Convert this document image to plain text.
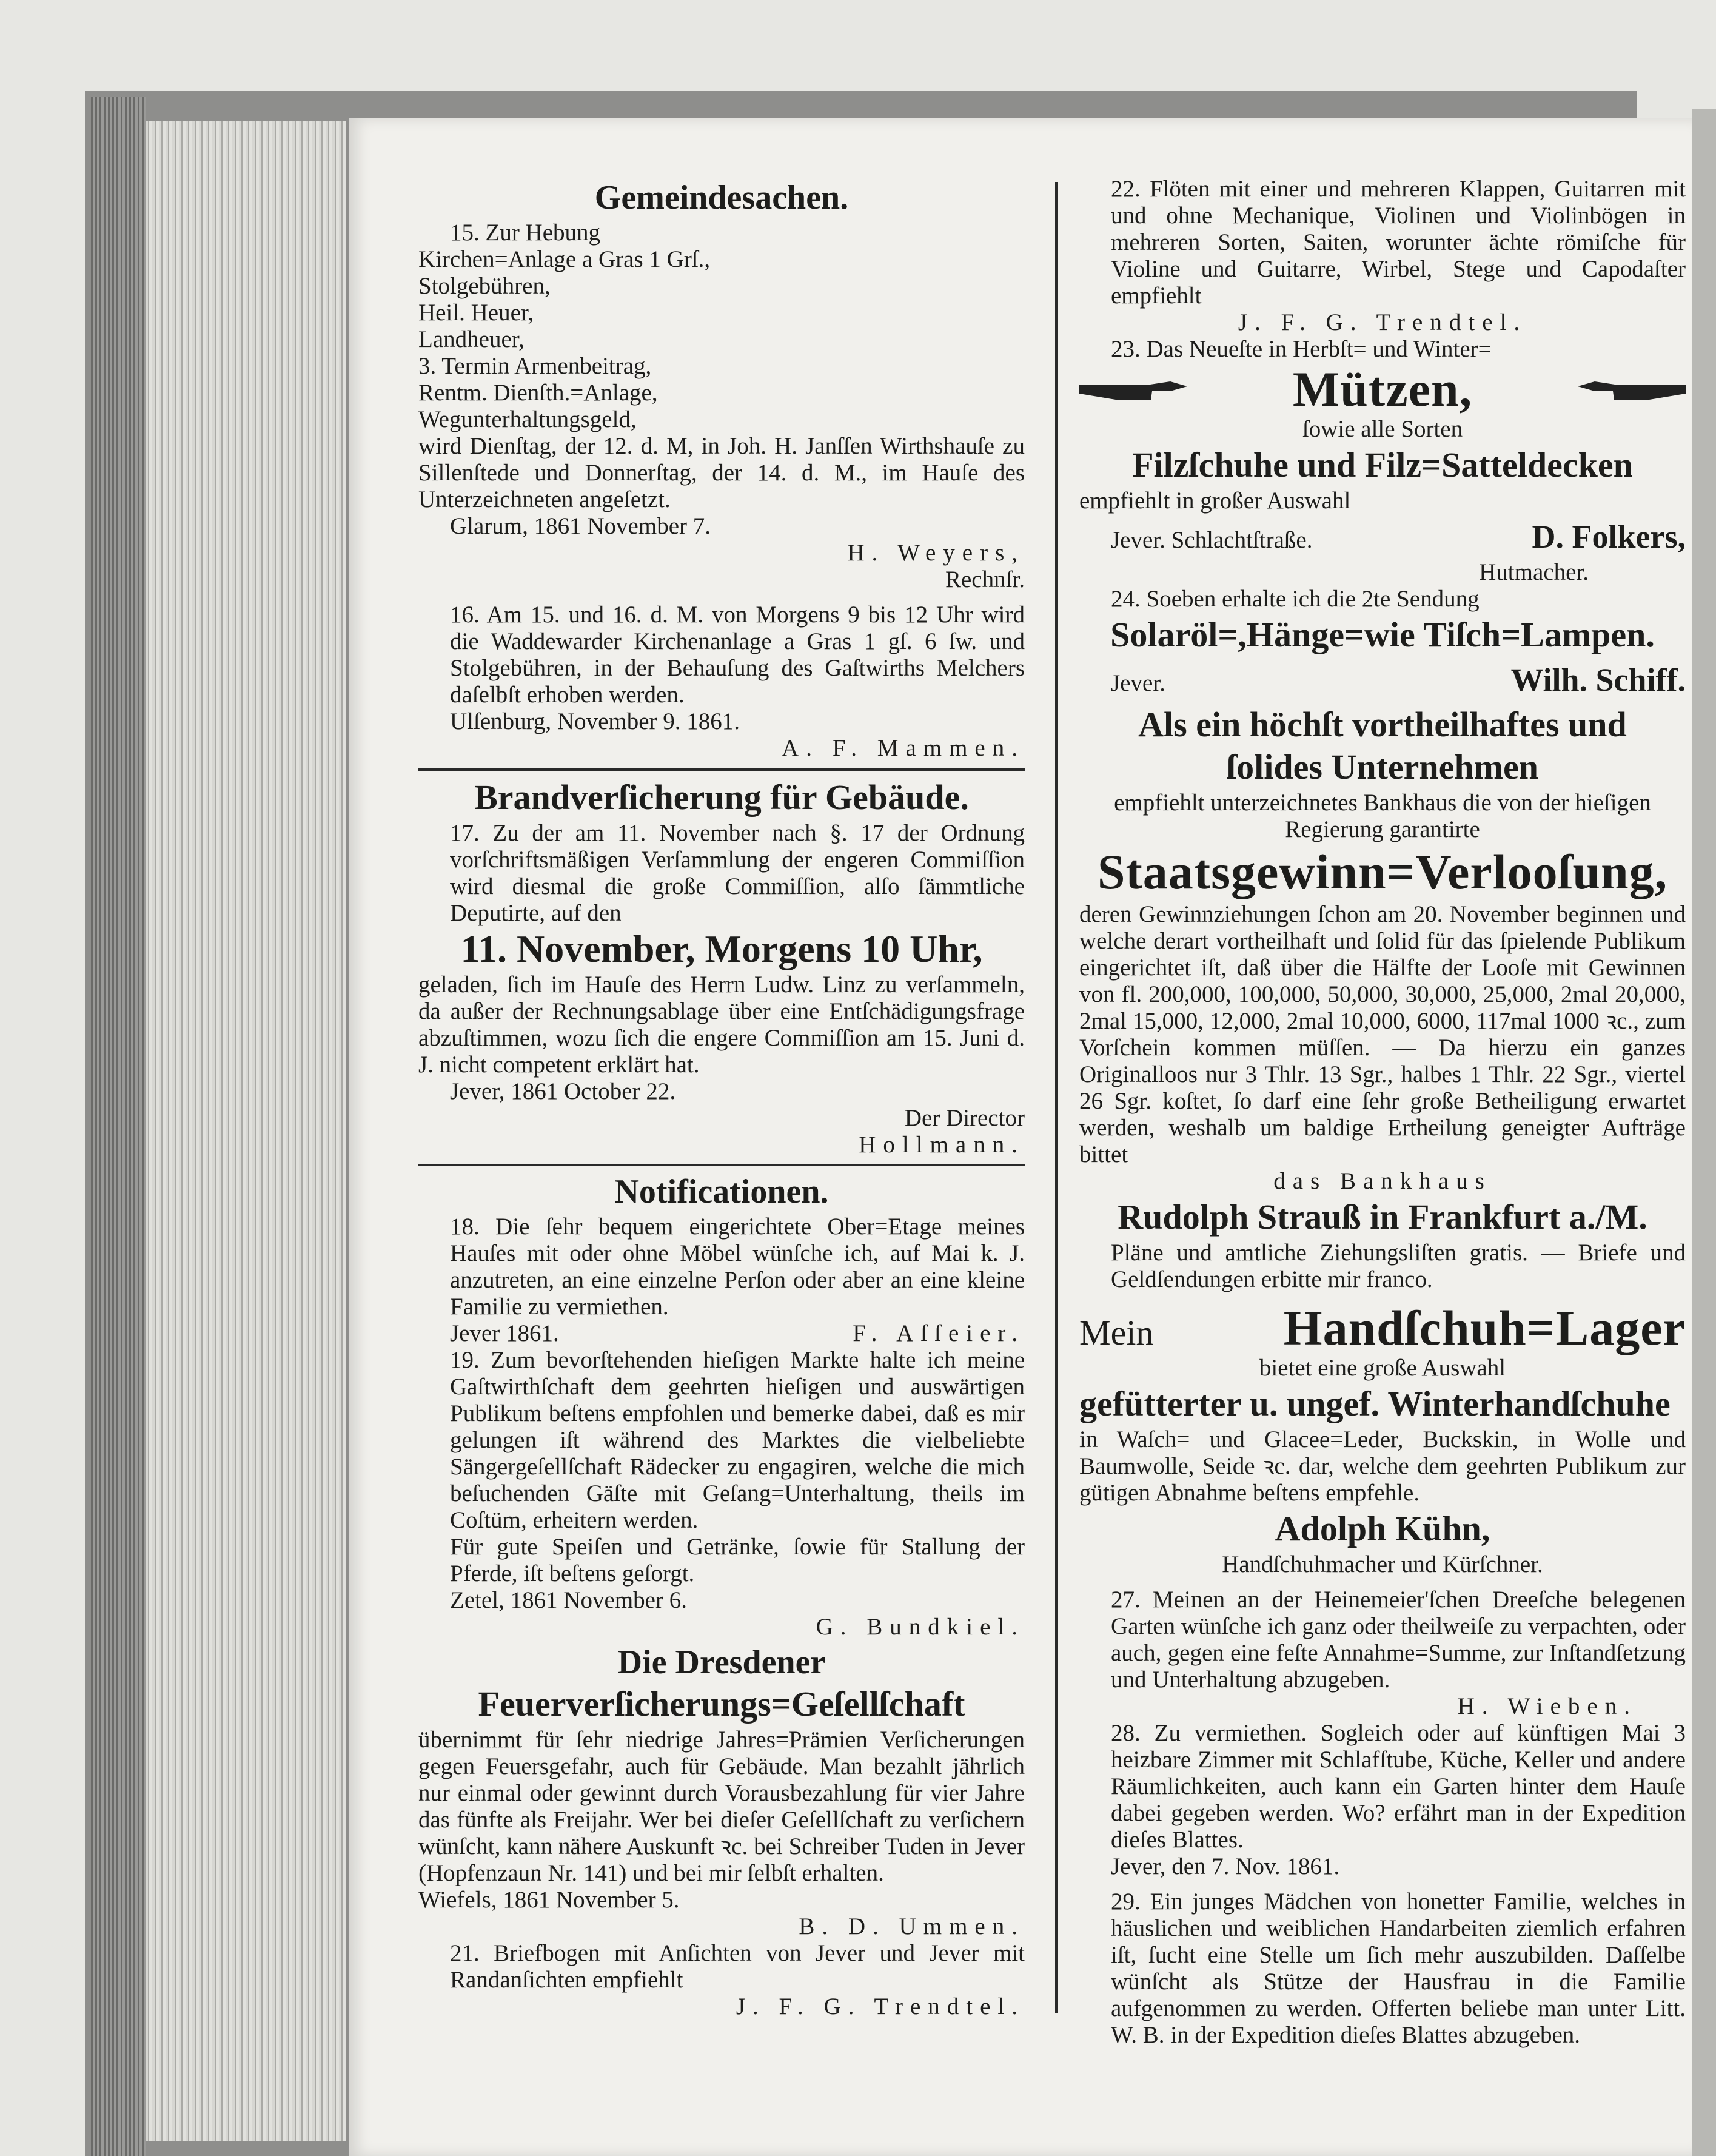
Gemeindesachen.
15. Zur Hebung
Kirchen=Anlage a Gras 1 Grſ.,
Stolgebühren,
Heil. Heuer,
Landheuer,
3. Termin Armenbeitrag,
Rentm. Dienſth.=Anlage,
Wegunterhaltungsgeld,

wird Dienſtag, der 12. d. M, in Joh. H. Janſſen Wirthshauſe zu Sillenſtede und Donnerſtag, der 14. d. M., im Hauſe des Unterzeichneten angeſetzt.

Glarum, 1861 November 7.
H. Weyers,
Rechnſr.

16. Am 15. und 16. d. M. von Morgens 9 bis 12 Uhr wird die Waddewarder Kirchenanlage a Gras 1 gſ. 6 ſw. und Stolgebühren, in der Behauſung des Gaſtwirths Melchers daſelbſt erhoben werden.

Ulſenburg, November 9. 1861.
A. F. Mammen.
Brandverſicherung für Gebäude.

17. Zu der am 11. November nach §. 17 der Ordnung vorſchriftsmäßigen Verſammlung der engeren Commiſſion wird diesmal die große Commiſſion, alſo ſämmtliche Deputirte, auf den

11. November, Morgens 10 Uhr,

geladen, ſich im Hauſe des Herrn Ludw. Linz zu verſammeln, da außer der Rechnungsablage über eine Entſchädigungsfrage abzuſtimmen, wozu ſich die engere Commiſſion am 15. Juni d. J. nicht competent erklärt hat.

Jever, 1861 October 22.
Der Director
Hollmann.
Notificationen.

18. Die ſehr bequem eingerichtete Ober=Etage meines Hauſes mit oder ohne Möbel wünſche ich, auf Mai k. J. anzutreten, an eine einzelne Perſon oder aber an eine kleine Familie zu vermiethen.

Jever 1861.	F. Aſſeier.

19. Zum bevorſtehenden hieſigen Markte halte ich meine Gaſtwirthſchaft dem geehrten hieſigen und auswärtigen Publikum beſtens empfohlen und bemerke dabei, daß es mir gelungen iſt während des Marktes die vielbeliebte Sängergeſellſchaft Rädecker zu engagiren, welche die mich beſuchenden Gäſte mit Geſang=Unterhaltung, theils im Coſtüm, erheitern werden.

Für gute Speiſen und Getränke, ſowie für Stallung der Pferde, iſt beſtens geſorgt.

Zetel, 1861 November 6.
G. Bundkiel.
Die Dresdener
Feuerverſicherungs=Geſellſchaft

übernimmt für ſehr niedrige Jahres=Prämien Verſicherungen gegen Feuersgefahr, auch für Gebäude. Man bezahlt jährlich nur einmal oder gewinnt durch Vorausbezahlung für vier Jahre das fünfte als Freijahr. Wer bei dieſer Geſellſchaft zu verſichern wünſcht, kann nähere Auskunft ꝛc. bei Schreiber Tuden in Jever (Hopfenzaun Nr. 141) und bei mir ſelbſt erhalten.

Wiefels, 1861 November 5.
B. D. Ummen.

21. Briefbogen mit Anſichten von Jever und Jever mit Randanſichten empfiehlt

J. F. G. Trendtel.

22. Flöten mit einer und mehreren Klappen, Guitarren mit und ohne Mechanique, Violinen und Violinbögen in mehreren Sorten, Saiten, worunter ächte römiſche für Violine und Guitarre, Wirbel, Stege und Capodaſter empfiehlt

J. F. G. Trendtel.
23. Das Neueſte in Herbſt= und Winter=
Mützen,
ſowie alle Sorten
Filzſchuhe und Filz=Satteldecken
empfiehlt in großer Auswahl
Jever. Schlachtſtraße.	D. Folkers,
Hutmacher.
24. Soeben erhalte ich die 2te Sendung
Solaröl=,Hänge=wie Tiſch=Lampen.
Jever.	Wilh. Schiff.
Als ein höchſt vortheilhaftes und
ſolides Unternehmen

empfiehlt unterzeichnetes Bankhaus die von der hieſigen Regierung garantirte

Staatsgewinn=Verlooſung,

deren Gewinnziehungen ſchon am 20. November beginnen und welche derart vortheilhaft und ſolid für das ſpielende Publikum eingerichtet iſt, daß über die Hälfte der Looſe mit Gewinnen von fl. 200,000, 100,000, 50,000, 30,000, 25,000, 2mal 20,000, 2mal 15,000, 12,000, 2mal 10,000, 6000, 117mal 1000 ꝛc., zum Vorſchein kommen müſſen. — Da hierzu ein ganzes Originalloos nur 3 Thlr. 13 Sgr., halbes 1 Thlr. 22 Sgr., viertel 26 Sgr. koſtet, ſo darf eine ſehr große Betheiligung erwartet werden, weshalb um baldige Ertheilung geneigter Aufträge bittet

das Bankhaus
Rudolph Strauß in Frankfurt a./M.

Pläne und amtliche Ziehungsliſten gratis. — Briefe und Geldſendungen erbitte mir franco.

Mein	Handſchuh=Lager
bietet eine große Auswahl
gefütterter u. ungef. Winterhandſchuhe

in Waſch= und Glacee=Leder, Buckskin, in Wolle und Baumwolle, Seide ꝛc. dar, welche dem geehrten Publikum zur gütigen Abnahme beſtens empfehle.

Adolph Kühn,
Handſchuhmacher und Kürſchner.

27. Meinen an der Heinemeier'ſchen Dreeſche belegenen Garten wünſche ich ganz oder theilweiſe zu verpachten, oder auch, gegen eine feſte Annahme=Summe, zur Inſtandſetzung und Unterhaltung abzugeben.

H. Wieben.

28. Zu vermiethen. Sogleich oder auf künftigen Mai 3 heizbare Zimmer mit Schlafſtube, Küche, Keller und andere Räumlichkeiten, auch kann ein Garten hinter dem Hauſe dabei gegeben werden. Wo? erfährt man in der Expedition dieſes Blattes.

Jever, den 7. Nov. 1861.

29. Ein junges Mädchen von honetter Familie, welches in häuslichen und weiblichen Handarbeiten ziemlich erfahren iſt, ſucht eine Stelle um ſich mehr auszubilden. Daſſelbe wünſcht als Stütze der Hausfrau in die Familie aufgenommen zu werden. Offerten beliebe man unter Litt. W. B. in der Expedition dieſes Blattes abzugeben.
